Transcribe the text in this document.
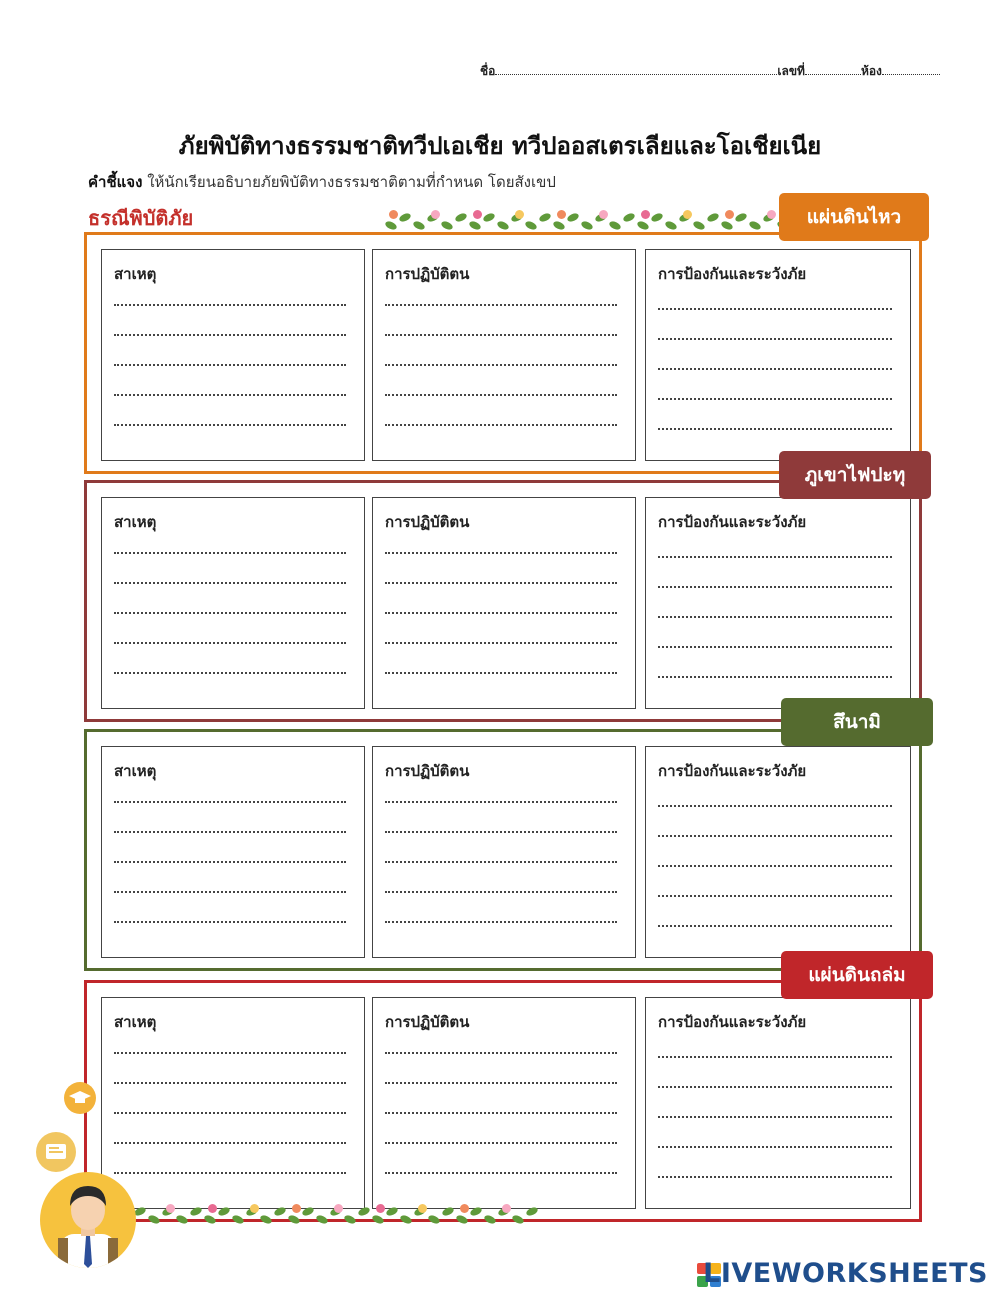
ชื่อ	เลขที่	ห้อง
ภัยพิบัติทางธรรมชาติทวีปเอเชีย ทวีปออสเตรเลียและโอเชียเนีย
คำชี้แจง ให้นักเรียนอธิบายภัยพิบัติทางธรรมชาติตามที่กำหนด โดยสังเขป
ธรณีพิบัติภัย
สาเหตุ	การปฏิบัติตน	การป้องกันและระวังภัย
แผ่นดินไหว
สาเหตุ	การปฏิบัติตน	การป้องกันและระวังภัย
ภูเขาไฟปะทุ
สาเหตุ	การปฏิบัติตน	การป้องกันและระวังภัย
สึนามิ
สาเหตุ	การปฏิบัติตน	การป้องกันและระวังภัย
แผ่นดินถล่ม
LIVEWORKSHEETS
